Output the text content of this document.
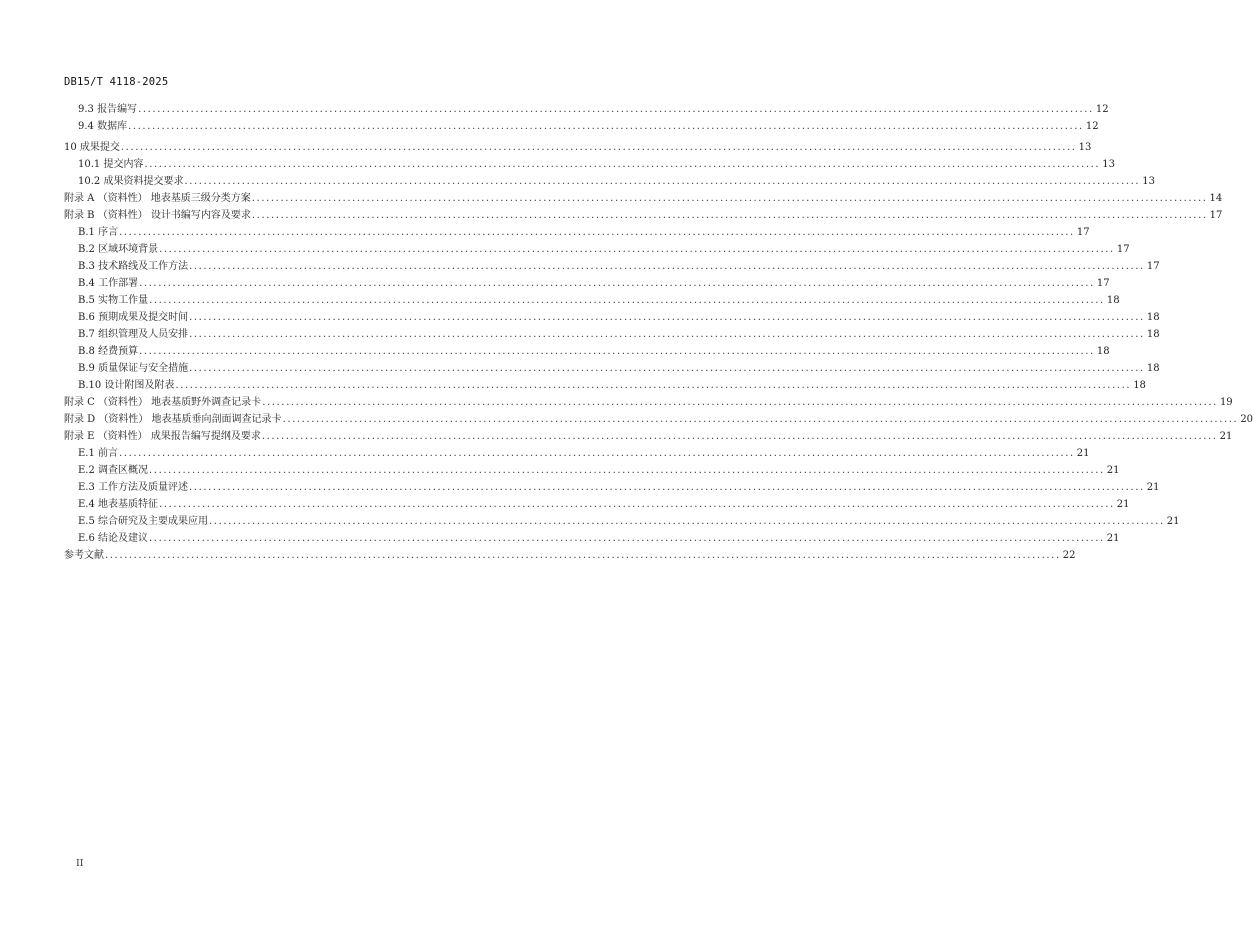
DB15/T 4118-2025
9.3 报告编写 ........................................................................................................................................................................................................ 12
9.4 数据库 ........................................................................................................................................................................................................ 12
10 成果提交 ........................................................................................................................................................................................................ 13
10.1 提交内容 ........................................................................................................................................................................................................ 13
10.2 成果资料提交要求 ........................................................................................................................................................................................................ 13
附录 A （资料性） 地表基质三级分类方案 ........................................................................................................................................................................................................ 14
附录 B （资料性） 设计书编写内容及要求 ........................................................................................................................................................................................................ 17
B.1 序言 ........................................................................................................................................................................................................ 17
B.2 区域环境背景 ........................................................................................................................................................................................................ 17
B.3 技术路线及工作方法 ........................................................................................................................................................................................................ 17
B.4 工作部署 ........................................................................................................................................................................................................ 17
B.5 实物工作量 ........................................................................................................................................................................................................ 18
B.6 预期成果及提交时间 ........................................................................................................................................................................................................ 18
B.7 组织管理及人员安排 ........................................................................................................................................................................................................ 18
B.8 经费预算 ........................................................................................................................................................................................................ 18
B.9 质量保证与安全措施 ........................................................................................................................................................................................................ 18
B.10 设计附图及附表 ........................................................................................................................................................................................................ 18
附录 C （资料性） 地表基质野外调查记录卡 ........................................................................................................................................................................................................ 19
附录 D （资料性） 地表基质垂向剖面调查记录卡 ........................................................................................................................................................................................................ 20
附录 E （资料性） 成果报告编写提纲及要求 ........................................................................................................................................................................................................ 21
E.1 前言 ........................................................................................................................................................................................................ 21
E.2 调查区概况 ........................................................................................................................................................................................................ 21
E.3 工作方法及质量评述 ........................................................................................................................................................................................................ 21
E.4 地表基质特征 ........................................................................................................................................................................................................ 21
E.5 综合研究及主要成果应用 ........................................................................................................................................................................................................ 21
E.6 结论及建议 ........................................................................................................................................................................................................ 21
参考文献 ........................................................................................................................................................................................................ 22
II
